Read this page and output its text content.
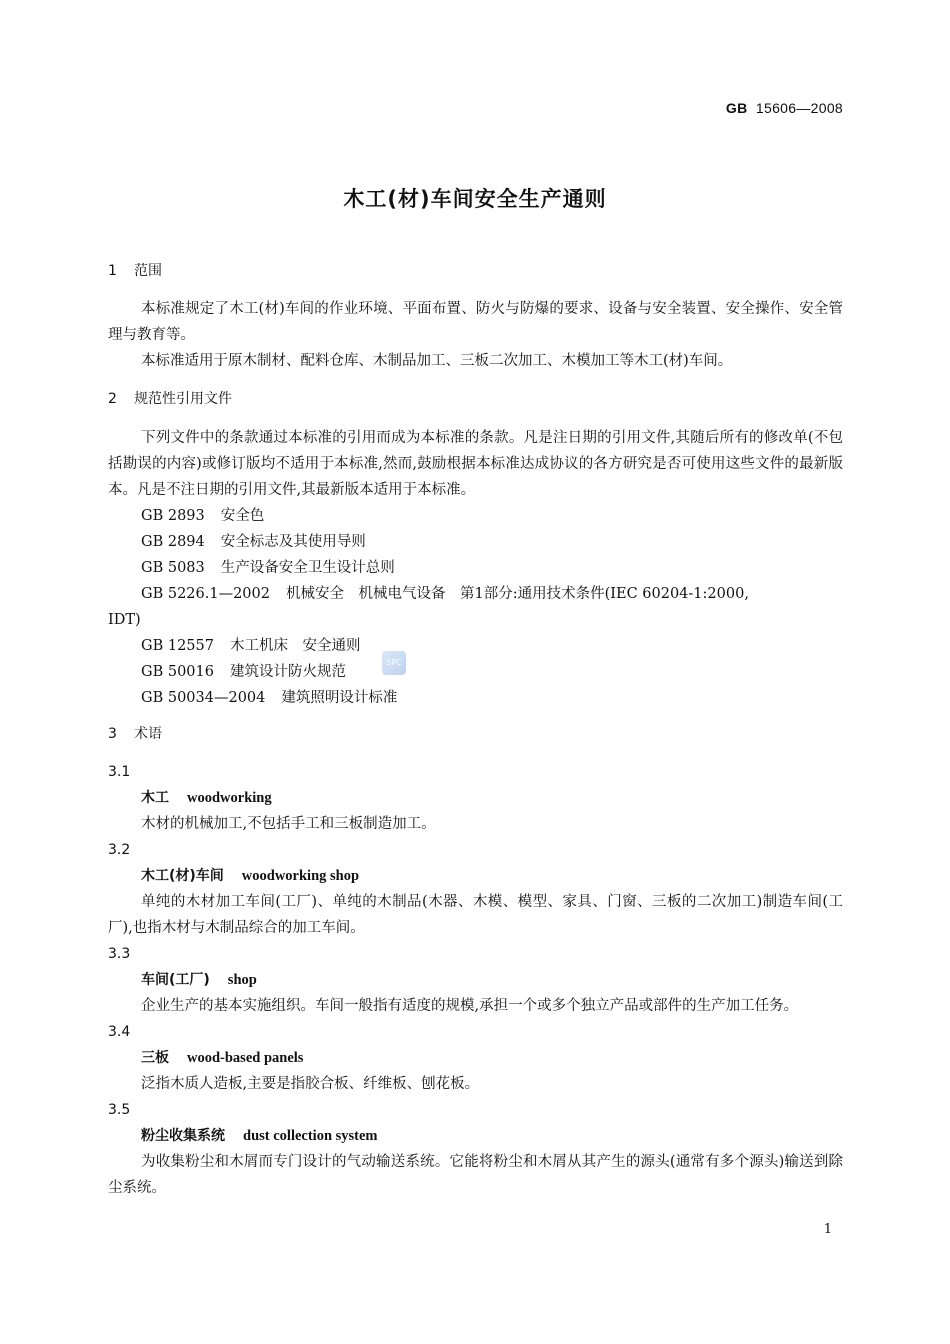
GB 15606—2008
木工(材)车间安全生产通则
1 范围

本标准规定了木工(材)车间的作业环境、平面布置、防火与防爆的要求、设备与安全装置、安全操作、安全管理与教育等。

本标准适用于原木制材、配料仓库、木制品加工、三板二次加工、木模加工等木工(材)车间。

2 规范性引用文件

下列文件中的条款通过本标准的引用而成为本标准的条款。凡是注日期的引用文件,其随后所有的修改单(不包括勘误的内容)或修订版均不适用于本标准,然而,鼓励根据本标准达成协议的各方研究是否可使用这些文件的最新版本。凡是不注日期的引用文件,其最新版本适用于本标准。

GB 2893 安全色

GB 2894 安全标志及其使用导则

GB 5083 生产设备安全卫生设计总则

GB 5226.1—2002 机械安全　机械电气设备　第1部分:通用技术条件(IEC 60204-1:2000,

IDT)

GB 12557 木工机床　安全通则

GB 50016 建筑设计防火规范

GB 50034—2004 建筑照明设计标准

SPC
3 术语
3.1
木工 woodworking

木材的机械加工,不包括手工和三板制造加工。

3.2
木工(材)车间 woodworking shop

单纯的木材加工车间(工厂)、单纯的木制品(木器、木模、模型、家具、门窗、三板的二次加工)制造车间(工厂),也指木材与木制品综合的加工车间。

3.3
车间(工厂) shop

企业生产的基本实施组织。车间一般指有适度的规模,承担一个或多个独立产品或部件的生产加工任务。

3.4
三板 wood-based panels

泛指木质人造板,主要是指胶合板、纤维板、刨花板。

3.5
粉尘收集系统 dust collection system

为收集粉尘和木屑而专门设计的气动输送系统。它能将粉尘和木屑从其产生的源头(通常有多个源头)输送到除尘系统。

1
